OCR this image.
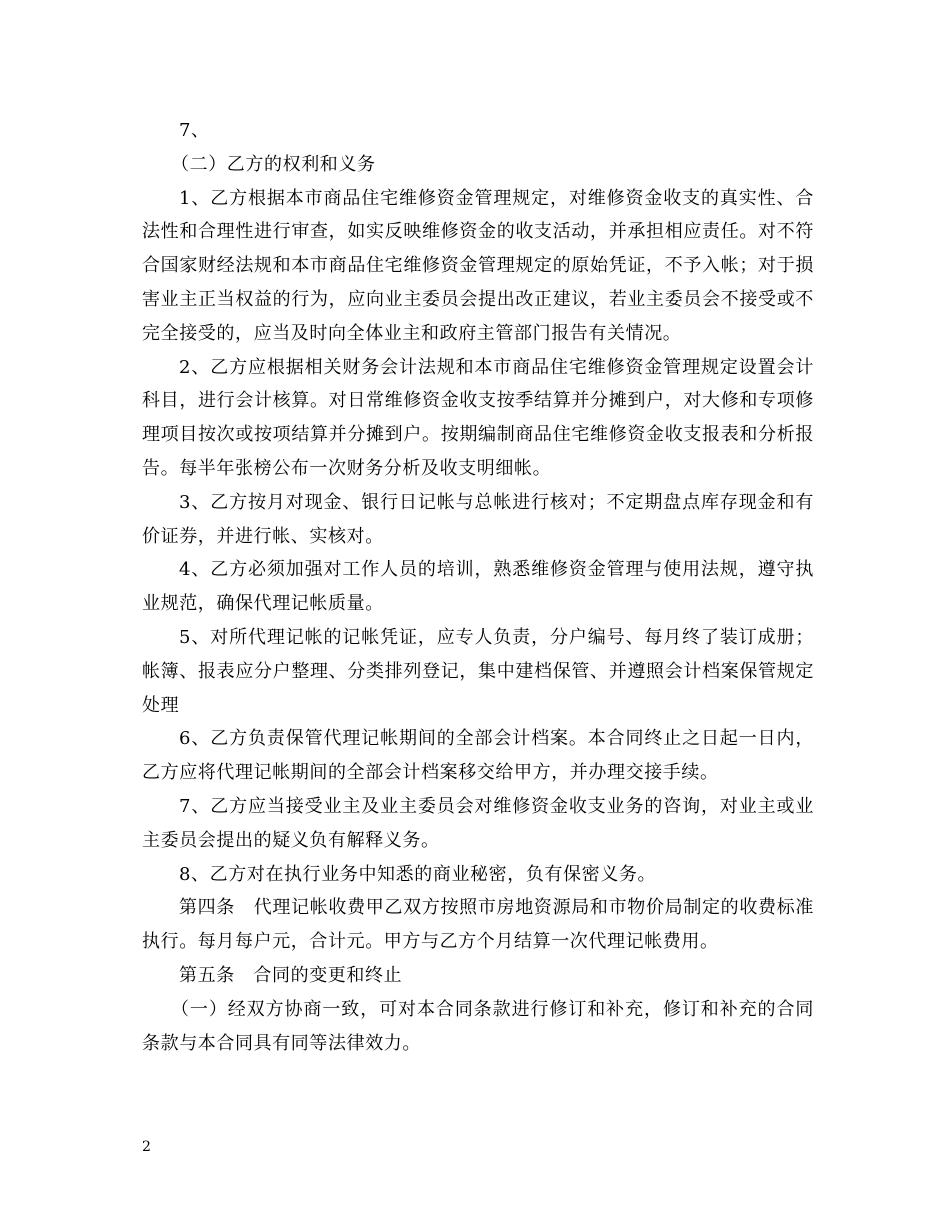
7、

（二）乙方的权利和义务

1、乙方根据本市商品住宅维修资金管理规定，对维修资金收支的真实性、合法性和合理性进行审查，如实反映维修资金的收支活动，并承担相应责任。对不符合国家财经法规和本市商品住宅维修资金管理规定的原始凭证，不予入帐；对于损害业主正当权益的行为，应向业主委员会提出改正建议，若业主委员会不接受或不完全接受的，应当及时向全体业主和政府主管部门报告有关情况。

2、乙方应根据相关财务会计法规和本市商品住宅维修资金管理规定设置会计科目，进行会计核算。对日常维修资金收支按季结算并分摊到户，对大修和专项修理项目按次或按项结算并分摊到户。按期编制商品住宅维修资金收支报表和分析报告。每半年张榜公布一次财务分析及收支明细帐。

3、乙方按月对现金、银行日记帐与总帐进行核对；不定期盘点库存现金和有价证券，并进行帐、实核对。

4、乙方必须加强对工作人员的培训，熟悉维修资金管理与使用法规，遵守执业规范，确保代理记帐质量。

5、对所代理记帐的记帐凭证，应专人负责，分户编号、每月终了装订成册；帐簿、报表应分户整理、分类排列登记，集中建档保管、并遵照会计档案保管规定处理

6、乙方负责保管代理记帐期间的全部会计档案。本合同终止之日起一日内，乙方应将代理记帐期间的全部会计档案移交给甲方，并办理交接手续。

7、乙方应当接受业主及业主委员会对维修资金收支业务的咨询，对业主或业主委员会提出的疑义负有解释义务。

8、乙方对在执行业务中知悉的商业秘密，负有保密义务。

第四条　代理记帐收费甲乙双方按照市房地资源局和市物价局制定的收费标准执行。每月每户元，合计元。甲方与乙方个月结算一次代理记帐费用。

第五条　合同的变更和终止

（一）经双方协商一致，可对本合同条款进行修订和补充，修订和补充的合同条款与本合同具有同等法律效力。

2
